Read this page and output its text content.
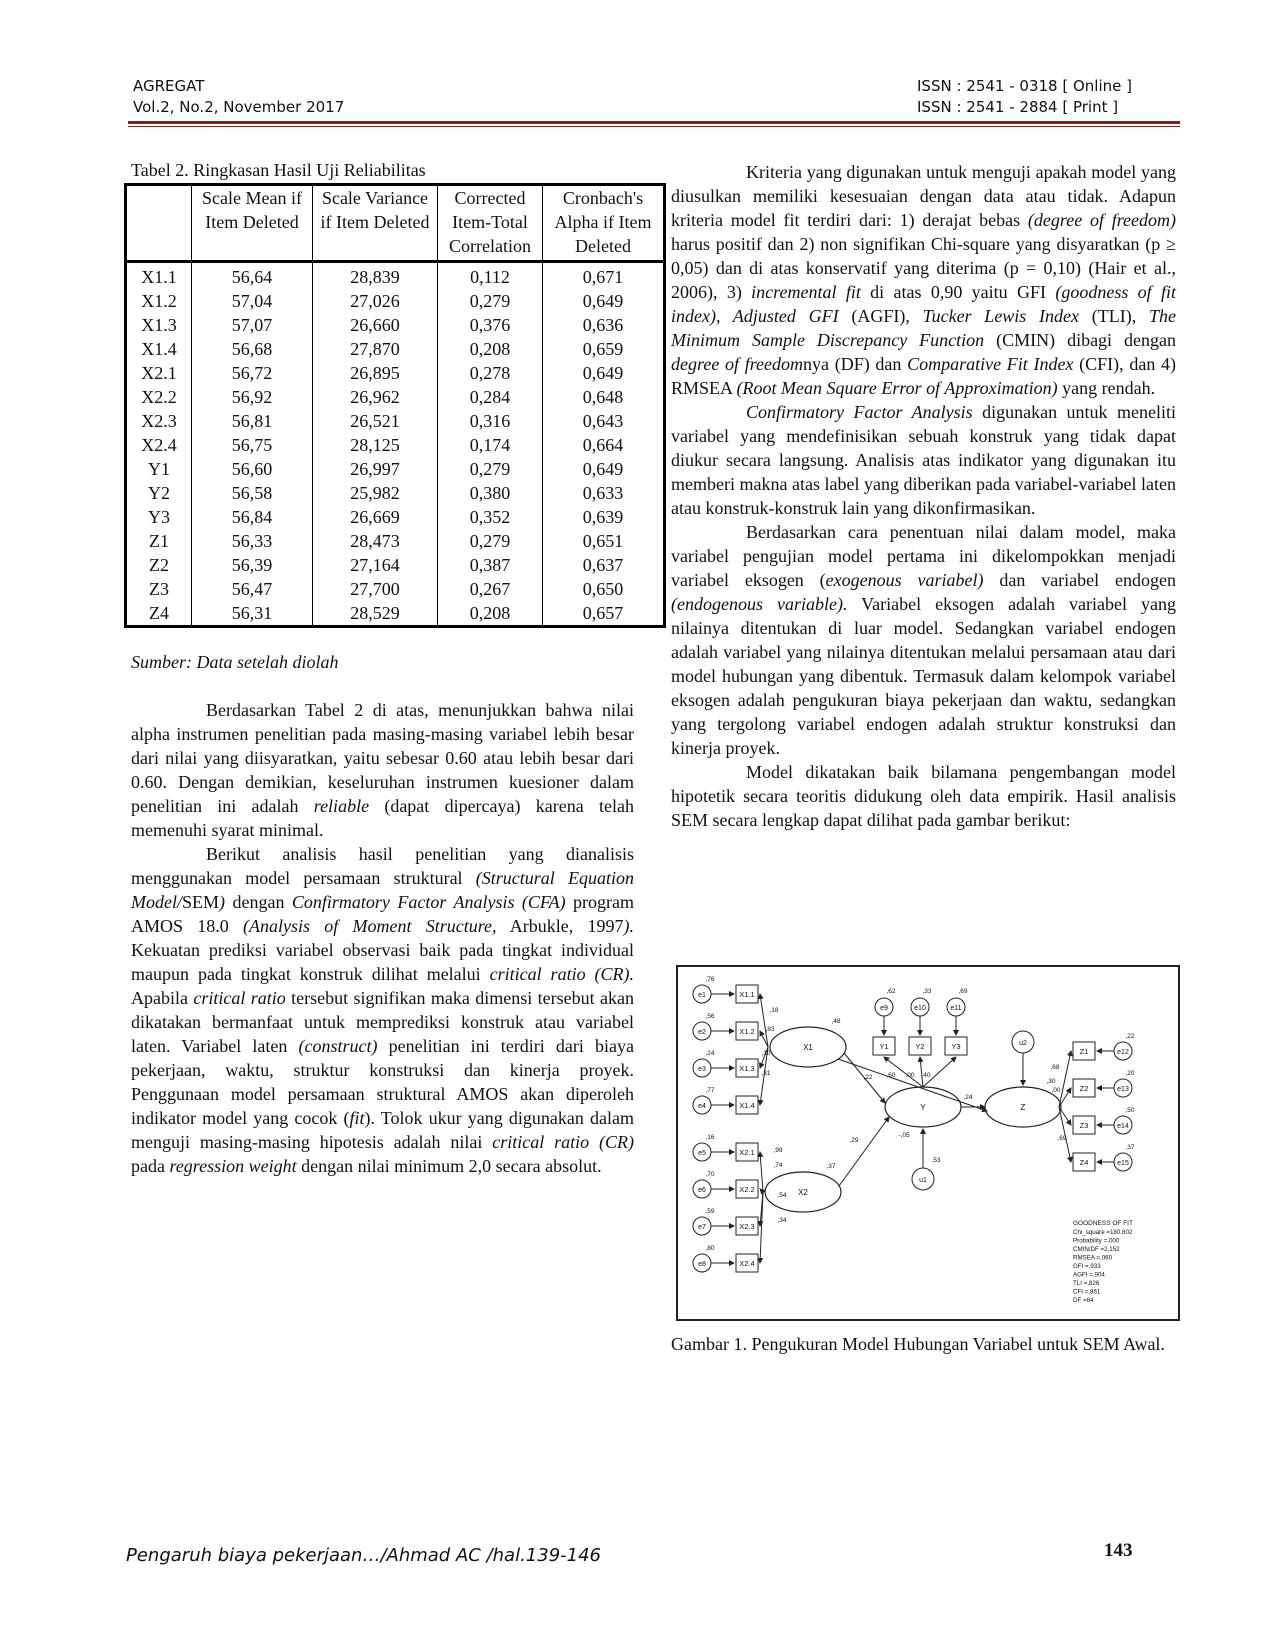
AGREGAT
Vol.2, No.2, November 2017
ISSN : 2541 - 0318 [ Online ]
ISSN : 2541 - 2884 [ Print ]
Tabel 2. Ringkasan Hasil Uji Reliabilitas
	Scale Mean if Item Deleted	Scale Variance if Item Deleted	Corrected Item-Total Correlation	Cronbach's Alpha if Item Deleted
X1.1	56,64	28,839	0,112	0,671
X1.2	57,04	27,026	0,279	0,649
X1.3	57,07	26,660	0,376	0,636
X1.4	56,68	27,870	0,208	0,659
X2.1	56,72	26,895	0,278	0,649
X2.2	56,92	26,962	0,284	0,648
X2.3	56,81	26,521	0,316	0,643
X2.4	56,75	28,125	0,174	0,664
Y1	56,60	26,997	0,279	0,649
Y2	56,58	25,982	0,380	0,633
Y3	56,84	26,669	0,352	0,639
Z1	56,33	28,473	0,279	0,651
Z2	56,39	27,164	0,387	0,637
Z3	56,47	27,700	0,267	0,650
Z4	56,31	28,529	0,208	0,657
Sumber: Data setelah diolah

Berdasarkan Tabel 2 di atas, menunjukkan bahwa nilai alpha instrumen penelitian pada masing-masing variabel lebih besar dari nilai yang diisyaratkan, yaitu sebesar 0.60 atau lebih besar dari 0.60. Dengan demikian, keseluruhan instrumen kuesioner dalam penelitian ini adalah reliable (dapat dipercaya) karena telah memenuhi syarat minimal.

Berikut analisis hasil penelitian yang dianalisis menggunakan model persamaan struktural (Structural Equation Model/SEM) dengan Confirmatory Factor Analysis (CFA) program AMOS 18.0 (Analysis of Moment Structure, Arbukle, 1997). Kekuatan prediksi variabel observasi baik pada tingkat individual maupun pada tingkat konstruk dilihat melalui critical ratio (CR). Apabila critical ratio tersebut signifikan maka dimensi tersebut akan dikatakan bermanfaat untuk memprediksi konstruk atau variabel laten. Variabel laten (construct) penelitian ini terdiri dari biaya pekerjaan, waktu, struktur konstruksi dan kinerja proyek. Penggunaan model persamaan struktural AMOS akan diperoleh indikator model yang cocok (fit). Tolok ukur yang digunakan dalam menguji masing-masing hipotesis adalah nilai critical ratio (CR) pada regression weight dengan nilai minimum 2,0 secara absolut.

Kriteria yang digunakan untuk menguji apakah model yang diusulkan memiliki kesesuaian dengan data atau tidak. Adapun kriteria model fit terdiri dari: 1) derajat bebas (degree of freedom) harus positif dan 2) non signifikan Chi-square yang disyaratkan (p ≥ 0,05) dan di atas konservatif yang diterima (p = 0,10) (Hair et al., 2006), 3) incremental fit di atas 0,90 yaitu GFI (goodness of fit index), Adjusted GFI (AGFI), Tucker Lewis Index (TLI), The Minimum Sample Discrepancy Function (CMIN) dibagi dengan degree of freedomnya (DF) dan Comparative Fit Index (CFI), dan 4) RMSEA (Root Mean Square Error of Approximation) yang rendah.

Confirmatory Factor Analysis digunakan untuk meneliti variabel yang mendefinisikan sebuah konstruk yang tidak dapat diukur secara langsung. Analisis atas indikator yang digunakan itu memberi makna atas label yang diberikan pada variabel-variabel laten atau konstruk-konstruk lain yang dikonfirmasikan.

Berdasarkan cara penentuan nilai dalam model, maka variabel pengujian model pertama ini dikelompokkan menjadi variabel eksogen (exogenous variabel) dan variabel endogen (endogenous variable). Variabel eksogen adalah variabel yang nilainya ditentukan di luar model. Sedangkan variabel endogen adalah variabel yang nilainya ditentukan melalui persamaan atau dari model hubungan yang dibentuk. Termasuk dalam kelompok variabel eksogen adalah pengukuran biaya pekerjaan dan waktu, sedangkan yang tergolong variabel endogen adalah struktur konstruksi dan kinerja proyek.

Model dikatakan baik bilamana pengembangan model hipotetik secara teoritis didukung oleh data empirik. Hasil analisis SEM secara lengkap dapat dilihat pada gambar berikut:

X1.1
e1
,76
X1.2
e2
,56
X1.3
e3
,24
X1.4
e4
,77
X2.1
e5
,16
X2.2
e6
,70
X2.3
e7
,59
X2.4
e8
,80
X1
,48
X2
,37
Y	Z
,30
Y1
e9
,62
Y2
e10
,33
Y3
e11
,69
Z1	e12
,22
Z2	e13
,20
Z3	e14
,50
Z4	e15
,37
u1
,53
u2
,18
,83
,10
,31
,99
,74
,54
,34
,22 ,60 ,00 ,40
,29
-,05
,24
,68
,00
,69
GOODNESS OF FIT
Chi_square =180,802
Probability =,000
CMIN/DF =2,152
RMSEA =,060
GFI =,933
AGFI =,904
TLI =,826
CFI =,861
DF =84
Gambar 1. Pengukuran Model Hubungan Variabel untuk SEM Awal.
Pengaruh biaya pekerjaan…/Ahmad AC /hal.139-146	143
